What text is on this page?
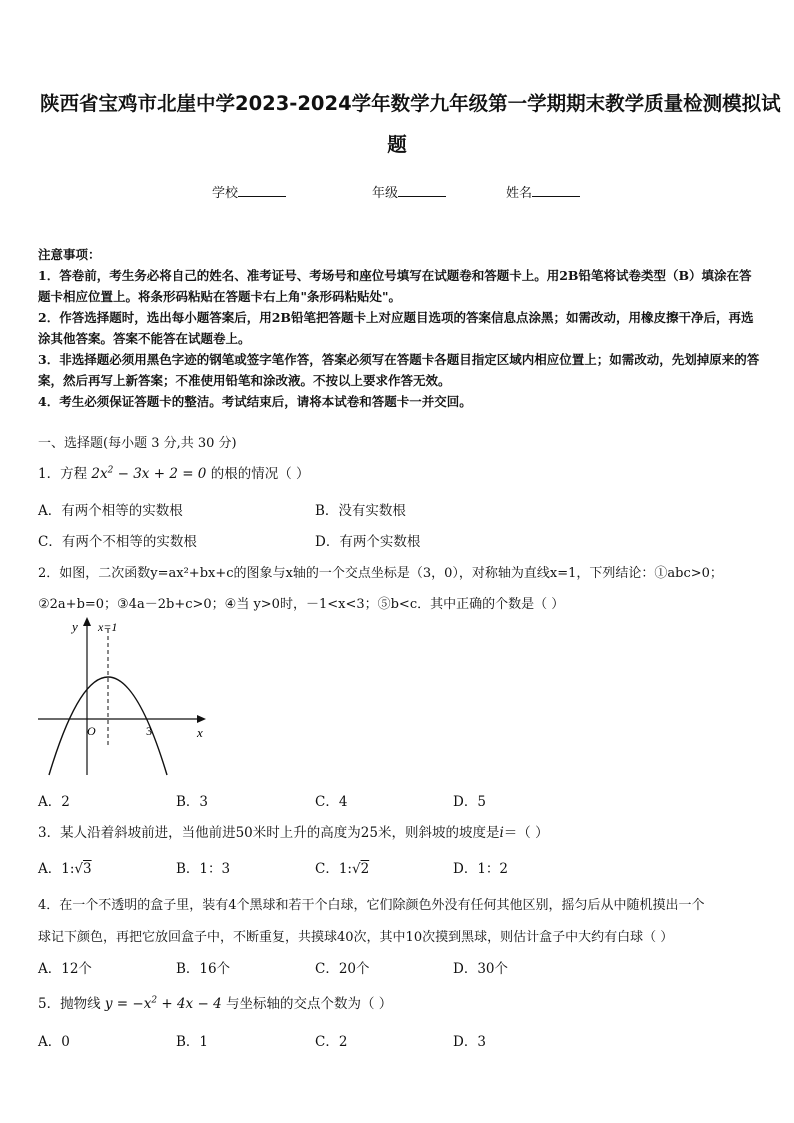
陕西省宝鸡市北崖中学2023-2024学年数学九年级第一学期期末教学质量检测模拟试
题
学校	年级	姓名
注意事项：
1．答卷前，考生务必将自己的姓名、准考证号、考场号和座位号填写在试题卷和答题卡上。用2B铅笔将试卷类型（B）填涂在答题卡相应位置上。将条形码粘贴在答题卡右上角"条形码粘贴处"。
2．作答选择题时，选出每小题答案后，用2B铅笔把答题卡上对应题目选项的答案信息点涂黑；如需改动，用橡皮擦干净后，再选涂其他答案。答案不能答在试题卷上。
3．非选择题必须用黑色字迹的钢笔或签字笔作答，答案必须写在答题卡各题目指定区域内相应位置上；如需改动，先划掉原来的答案，然后再写上新答案；不准使用铅笔和涂改液。不按以上要求作答无效。
4．考生必须保证答题卡的整洁。考试结束后，请将本试卷和答题卡一并交回。
一、选择题(每小题 3 分,共 30 分)
1．方程 $2x^2 - 3x + 2 = 0$ 的根的情况（ ）
A．有两个相等的实数根	B．没有实数根
C．有两个不相等的实数根	D．有两个实数根
2．如图，二次函数y=ax²+bx+c的图象与x轴的一个交点坐标是（3，0），对称轴为直线x=1，下列结论：①abc>0；
②2a+b=0；③4a－2b+c>0；④当 y>0时，－1<x<3；⑤b<c．其中正确的个数是（ ）
y x=1
O	3	x
A．2	B．3	C．4	D．5
3．某人沿着斜坡前进，当他前进50米时上升的高度为25米，则斜坡的坡度是i＝（ ）
A．1:√3	B．1：3	C．1:√2	D．1：2
4．在一个不透明的盒子里，装有4个黑球和若干个白球，它们除颜色外没有任何其他区别，摇匀后从中随机摸出一个
球记下颜色，再把它放回盒子中，不断重复，共摸球40次，其中10次摸到黑球，则估计盒子中大约有白球（ ）
A．12个	B．16个	C．20个	D．30个
5．抛物线 $y = -x^2 + 4x - 4$ 与坐标轴的交点个数为（ ）
A．0	B．1	C．2	D．3
